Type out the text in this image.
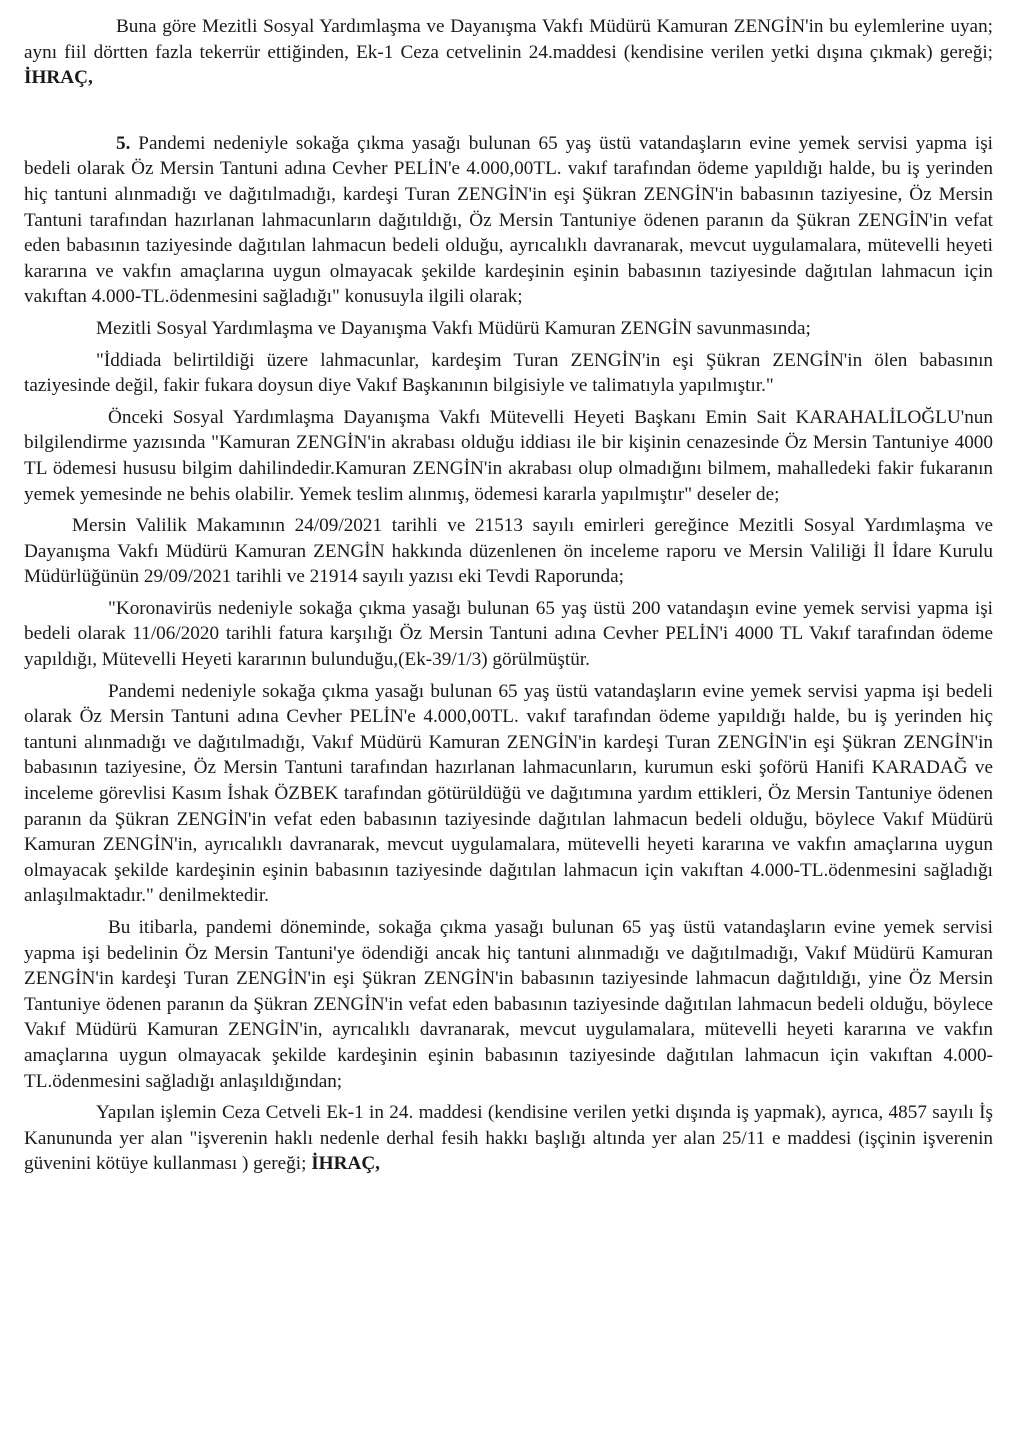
Buna göre Mezitli Sosyal Yardımlaşma ve Dayanışma Vakfı Müdürü Kamuran ZENGİN'in bu eylemlerine uyan; aynı fiil dörtten fazla tekerrür ettiğinden, Ek-1 Ceza cetvelinin 24.maddesi (kendisine verilen yetki dışına çıkmak) gereği; İHRAÇ,

5. Pandemi nedeniyle sokağa çıkma yasağı bulunan 65 yaş üstü vatandaşların evine yemek servisi yapma işi bedeli olarak Öz Mersin Tantuni adına Cevher PELİN'e 4.000,00TL. vakıf tarafından ödeme yapıldığı halde, bu iş yerinden hiç tantuni alınmadığı ve dağıtılmadığı, kardeşi Turan ZENGİN'in eşi Şükran ZENGİN'in babasının taziyesine, Öz Mersin Tantuni tarafından hazırlanan lahmacunların dağıtıldığı, Öz Mersin Tantuniye ödenen paranın da Şükran ZENGİN'in vefat eden babasının taziyesinde dağıtılan lahmacun bedeli olduğu, ayrıcalıklı davranarak, mevcut uygulamalara, mütevelli heyeti kararına ve vakfın amaçlarına uygun olmayacak şekilde kardeşinin eşinin babasının taziyesinde dağıtılan lahmacun için vakıftan 4.000-TL.ödenmesini sağladığı" konusuyla ilgili olarak;

Mezitli Sosyal Yardımlaşma ve Dayanışma Vakfı Müdürü Kamuran ZENGİN savunmasında;

"İddiada belirtildiği üzere lahmacunlar, kardeşim Turan ZENGİN'in eşi Şükran ZENGİN'in ölen babasının taziyesinde değil, fakir fukara doysun diye Vakıf Başkanının bilgisiyle ve talimatıyla yapılmıştır."

Önceki Sosyal Yardımlaşma Dayanışma Vakfı Mütevelli Heyeti Başkanı Emin Sait KARAHALİLOĞLU'nun bilgilendirme yazısında "Kamuran ZENGİN'in akrabası olduğu iddiası ile bir kişinin cenazesinde Öz Mersin Tantuniye 4000 TL ödemesi hususu bilgim dahilindedir.Kamuran ZENGİN'in akrabası olup olmadığını bilmem, mahalledeki fakir fukaranın yemek yemesinde ne behis olabilir. Yemek teslim alınmış, ödemesi kararla yapılmıştır" deseler de;

Mersin Valilik Makamının 24/09/2021 tarihli ve 21513 sayılı emirleri gereğince Mezitli Sosyal Yardımlaşma ve Dayanışma Vakfı Müdürü Kamuran ZENGİN hakkında düzenlenen ön inceleme raporu ve Mersin Valiliği İl İdare Kurulu Müdürlüğünün 29/09/2021 tarihli ve 21914 sayılı yazısı eki Tevdi Raporunda;

"Koronavirüs nedeniyle sokağa çıkma yasağı bulunan 65 yaş üstü 200 vatandaşın evine yemek servisi yapma işi bedeli olarak 11/06/2020 tarihli fatura karşılığı Öz Mersin Tantuni adına Cevher PELİN'i 4000 TL Vakıf tarafından ödeme yapıldığı, Mütevelli Heyeti kararının bulunduğu,(Ek-39/1/3) görülmüştür.

Pandemi nedeniyle sokağa çıkma yasağı bulunan 65 yaş üstü vatandaşların evine yemek servisi yapma işi bedeli olarak Öz Mersin Tantuni adına Cevher PELİN'e 4.000,00TL. vakıf tarafından ödeme yapıldığı halde, bu iş yerinden hiç tantuni alınmadığı ve dağıtılmadığı, Vakıf Müdürü Kamuran ZENGİN'in kardeşi Turan ZENGİN'in eşi Şükran ZENGİN'in babasının taziyesine, Öz Mersin Tantuni tarafından hazırlanan lahmacunların, kurumun eski şoförü Hanifi KARADAĞ ve inceleme görevlisi Kasım İshak ÖZBEK tarafından götürüldüğü ve dağıtımına yardım ettikleri, Öz Mersin Tantuniye ödenen paranın da Şükran ZENGİN'in vefat eden babasının taziyesinde dağıtılan lahmacun bedeli olduğu, böylece Vakıf Müdürü Kamuran ZENGİN'in, ayrıcalıklı davranarak, mevcut uygulamalara, mütevelli heyeti kararına ve vakfın amaçlarına uygun olmayacak şekilde kardeşinin eşinin babasının taziyesinde dağıtılan lahmacun için vakıftan 4.000-TL.ödenmesini sağladığı anlaşılmaktadır." denilmektedir.

Bu itibarla, pandemi döneminde, sokağa çıkma yasağı bulunan 65 yaş üstü vatandaşların evine yemek servisi yapma işi bedelinin Öz Mersin Tantuni'ye ödendiği ancak hiç tantuni alınmadığı ve dağıtılmadığı, Vakıf Müdürü Kamuran ZENGİN'in kardeşi Turan ZENGİN'in eşi Şükran ZENGİN'in babasının taziyesinde lahmacun dağıtıldığı, yine Öz Mersin Tantuniye ödenen paranın da Şükran ZENGİN'in vefat eden babasının taziyesinde dağıtılan lahmacun bedeli olduğu, böylece Vakıf Müdürü Kamuran ZENGİN'in, ayrıcalıklı davranarak, mevcut uygulamalara, mütevelli heyeti kararına ve vakfın amaçlarına uygun olmayacak şekilde kardeşinin eşinin babasının taziyesinde dağıtılan lahmacun için vakıftan 4.000-TL.ödenmesini sağladığı anlaşıldığından;

Yapılan işlemin Ceza Cetveli Ek-1 in 24. maddesi (kendisine verilen yetki dışında iş yapmak), ayrıca, 4857 sayılı İş Kanununda yer alan "işverenin haklı nedenle derhal fesih hakkı başlığı altında yer alan 25/11 e maddesi (işçinin işverenin güvenini kötüye kullanması ) gereği; İHRAÇ,
